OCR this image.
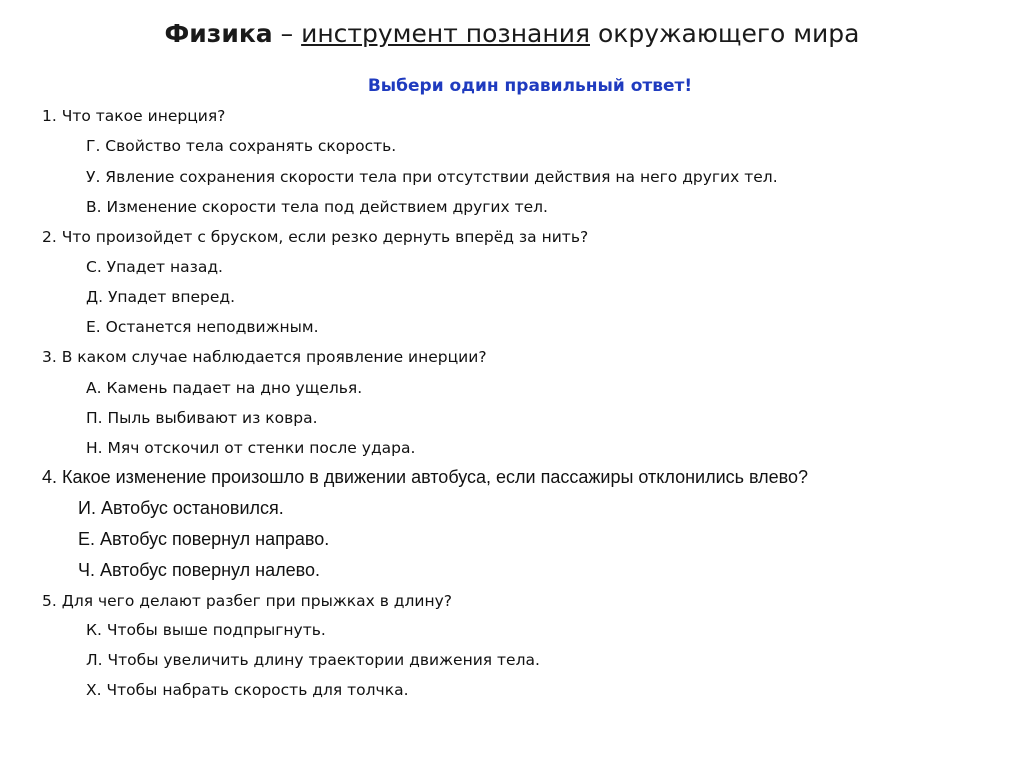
Физика – инструмент познания окружающего мира
Выбери один правильный ответ!
1. Что такое инерция?
Г. Свойство тела сохранять скорость.
У. Явление сохранения скорости тела при отсутствии действия на него других тел.
В. Изменение скорости тела под действием других тел.
2. Что произойдет с бруском, если резко дернуть вперёд за нить?
С. Упадет назад.
Д. Упадет вперед.
Е. Останется неподвижным.
3. В каком случае наблюдается проявление инерции?
А. Камень падает на дно ущелья.
П. Пыль выбивают из ковра.
Н. Мяч отскочил от стенки после удара.
4. Какое изменение произошло в движении автобуса, если пассажиры отклонились влево?
И. Автобус остановился.
Е. Автобус повернул направо.
Ч. Автобус повернул налево.
5. Для чего делают разбег при прыжках в длину?
К. Чтобы выше подпрыгнуть.
Л. Чтобы увеличить длину траектории движения тела.
Х. Чтобы набрать скорость для толчка.
